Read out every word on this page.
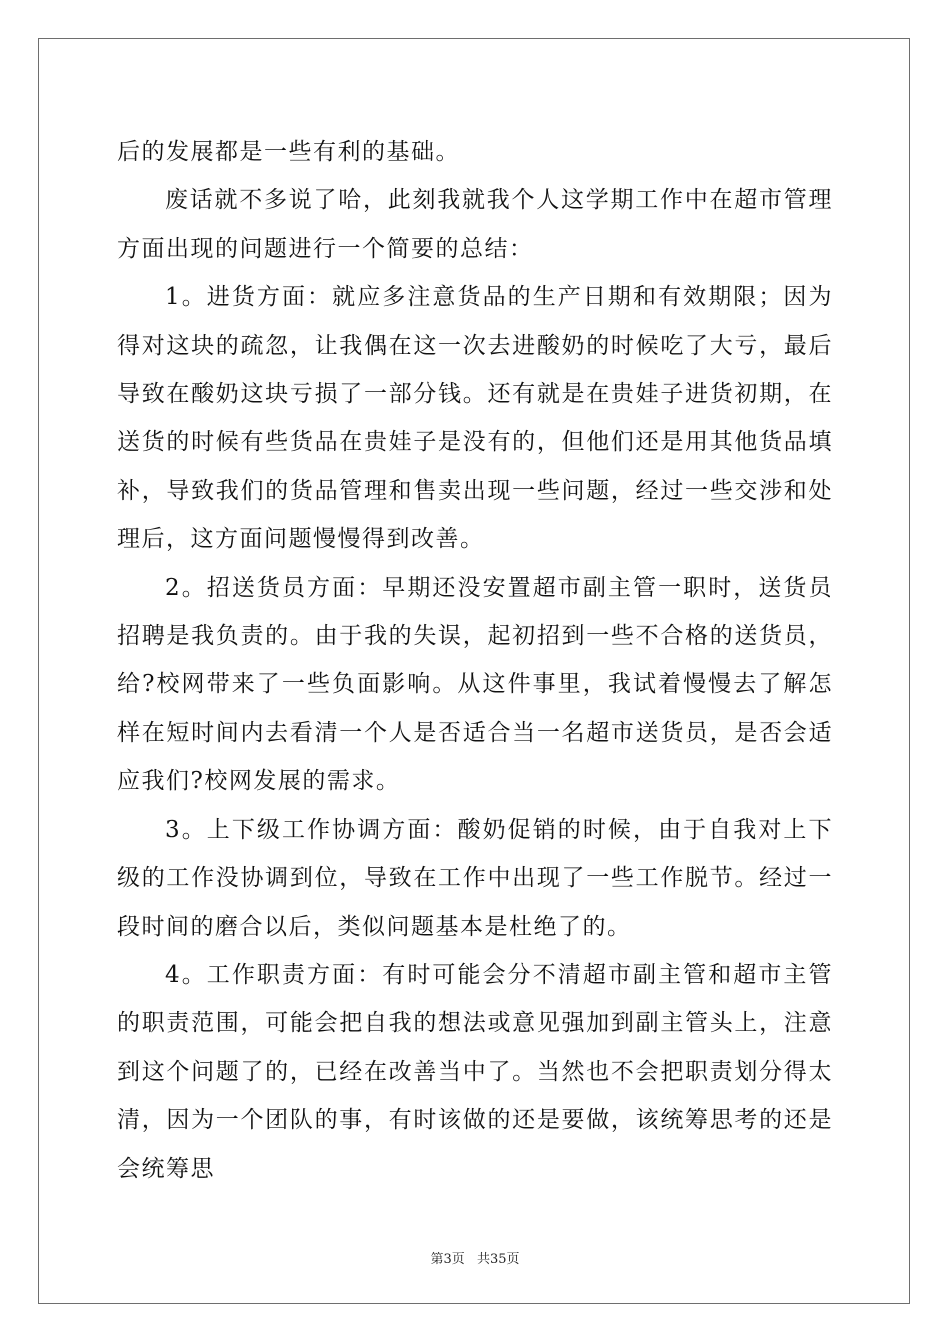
后的发展都是一些有利的基础。

废话就不多说了哈，此刻我就我个人这学期工作中在超市管理方面出现的问题进行一个简要的总结：

1。进货方面：就应多注意货品的生产日期和有效期限；因为得对这块的疏忽，让我偶在这一次去进酸奶的时候吃了大亏，最后导致在酸奶这块亏损了一部分钱。还有就是在贵娃子进货初期，在送货的时候有些货品在贵娃子是没有的，但他们还是用其他货品填补，导致我们的货品管理和售卖出现一些问题，经过一些交涉和处理后，这方面问题慢慢得到改善。

2。招送货员方面：早期还没安置超市副主管一职时，送货员招聘是我负责的。由于我的失误，起初招到一些不合格的送货员，给?校网带来了一些负面影响。从这件事里，我试着慢慢去了解怎样在短时间内去看清一个人是否适合当一名超市送货员，是否会适应我们?校网发展的需求。

3。上下级工作协调方面：酸奶促销的时候，由于自我对上下级的工作没协调到位，导致在工作中出现了一些工作脱节。经过一段时间的磨合以后，类似问题基本是杜绝了的。

4。工作职责方面：有时可能会分不清超市副主管和超市主管的职责范围，可能会把自我的想法或意见强加到副主管头上，注意到这个问题了的，已经在改善当中了。当然也不会把职责划分得太清，因为一个团队的事，有时该做的还是要做，该统筹思考的还是会统筹思

第3页 共35页
